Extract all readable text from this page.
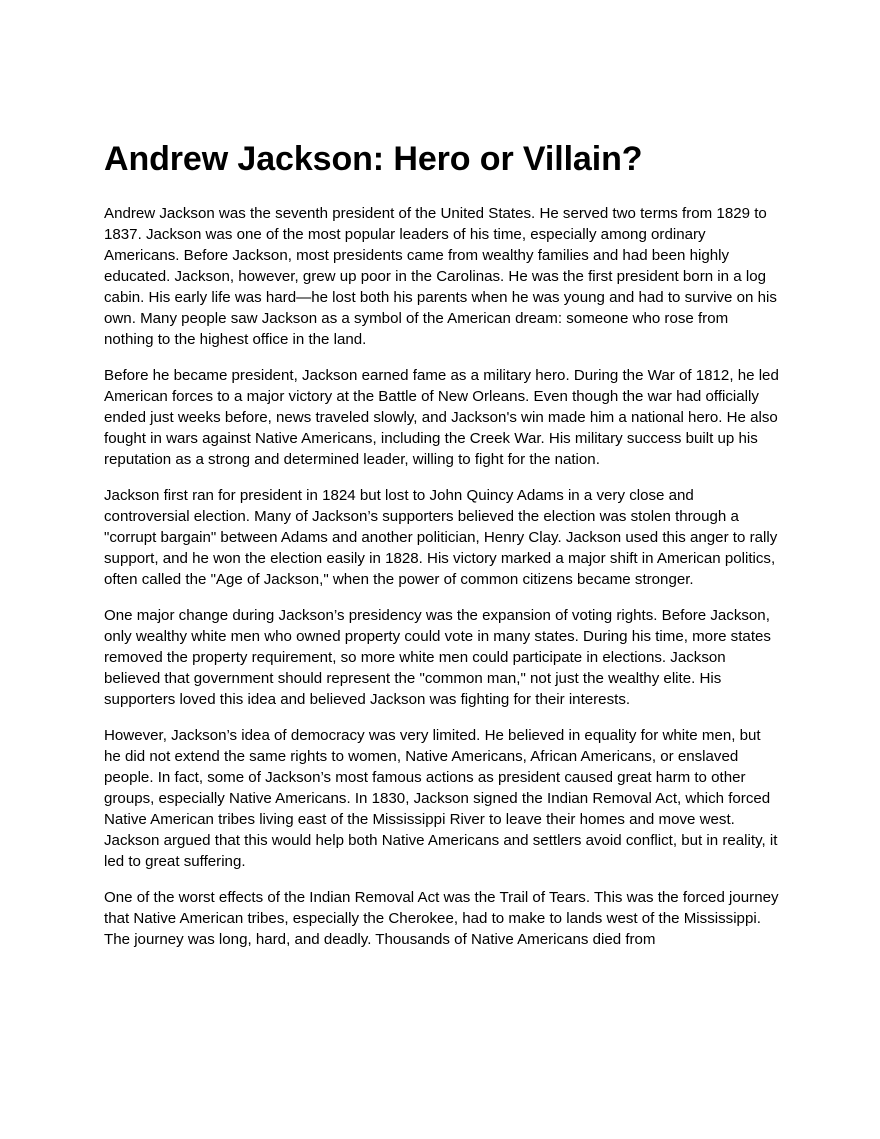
Andrew Jackson: Hero or Villain?

Andrew Jackson was the seventh president of the United States. He served two terms from 1829 to 1837. Jackson was one of the most popular leaders of his time, especially among ordinary Americans. Before Jackson, most presidents came from wealthy families and had been highly educated. Jackson, however, grew up poor in the Carolinas. He was the first president born in a log cabin. His early life was hard—he lost both his parents when he was young and had to survive on his own. Many people saw Jackson as a symbol of the American dream: someone who rose from nothing to the highest office in the land.

Before he became president, Jackson earned fame as a military hero. During the War of 1812, he led American forces to a major victory at the Battle of New Orleans. Even though the war had officially ended just weeks before, news traveled slowly, and Jackson's win made him a national hero. He also fought in wars against Native Americans, including the Creek War. His military success built up his reputation as a strong and determined leader, willing to fight for the nation.

Jackson first ran for president in 1824 but lost to John Quincy Adams in a very close and controversial election. Many of Jackson’s supporters believed the election was stolen through a "corrupt bargain" between Adams and another politician, Henry Clay. Jackson used this anger to rally support, and he won the election easily in 1828. His victory marked a major shift in American politics, often called the "Age of Jackson," when the power of common citizens became stronger.

One major change during Jackson’s presidency was the expansion of voting rights. Before Jackson, only wealthy white men who owned property could vote in many states. During his time, more states removed the property requirement, so more white men could participate in elections. Jackson believed that government should represent the "common man," not just the wealthy elite. His supporters loved this idea and believed Jackson was fighting for their interests.

However, Jackson’s idea of democracy was very limited. He believed in equality for white men, but he did not extend the same rights to women, Native Americans, African Americans, or enslaved people. In fact, some of Jackson’s most famous actions as president caused great harm to other groups, especially Native Americans. In 1830, Jackson signed the Indian Removal Act, which forced Native American tribes living east of the Mississippi River to leave their homes and move west. Jackson argued that this would help both Native Americans and settlers avoid conflict, but in reality, it led to great suffering.

One of the worst effects of the Indian Removal Act was the Trail of Tears. This was the forced journey that Native American tribes, especially the Cherokee, had to make to lands west of the Mississippi. The journey was long, hard, and deadly. Thousands of Native Americans died from
